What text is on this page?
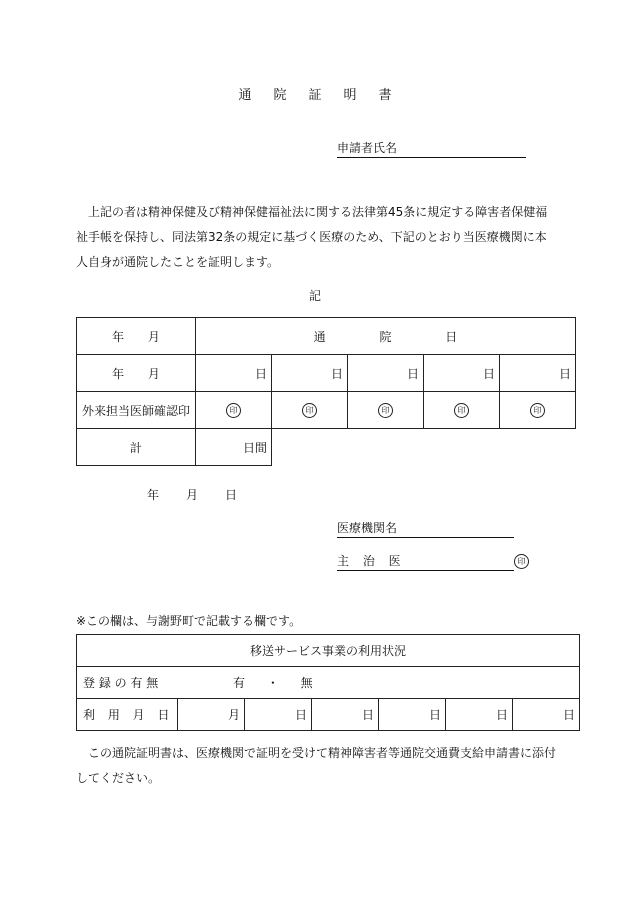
通院証明書
申請者氏名
上記の者は精神保健及び精神保健福祉法に関する法律第45条に規定する障害者保健福祉手帳を保持し、同法第32条の規定に基づく医療のため、下記のとおり当医療機関に本人自身が通院したことを証明します。
記
年 月	通 院 日				
年 月	日	日	日	日	日
外来担当医師確認印	印	印	印	印	印
計	日間				
年 月 日
医療機関名
主 治 医	印
※この欄は、与謝野町で記載する欄です。
移送サービス事業の利用状況
登 録 の 有 無	有 ・ 無
利 用 月 日	月	日	日	日	日	日
この通院証明書は、医療機関で証明を受けて精神障害者等通院交通費支給申請書に添付してください。
